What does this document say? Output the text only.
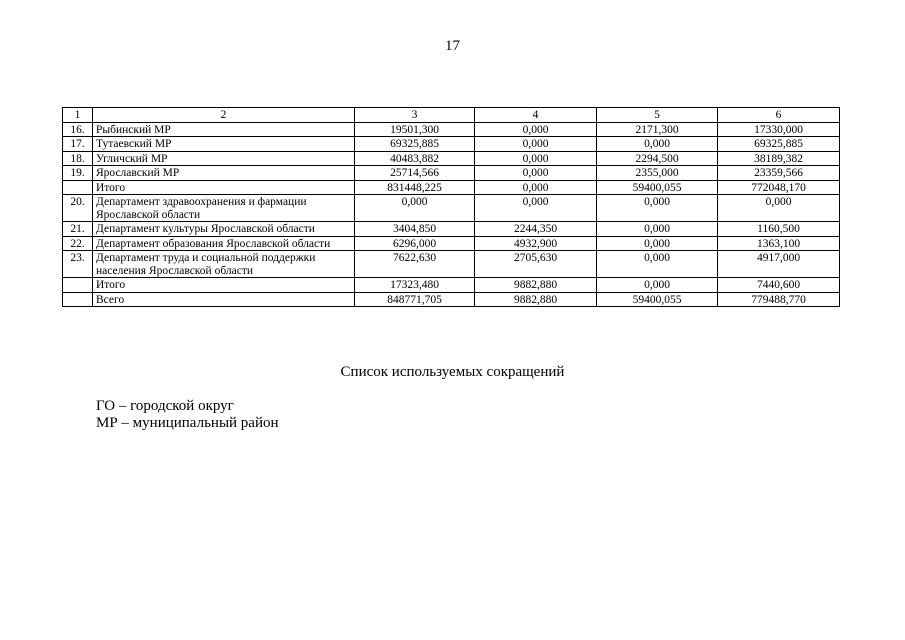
17
1	2	3	4	5	6
16.	Рыбинский МР	19501,300	0,000	2171,300	17330,000
17.	Тутаевский МР	69325,885	0,000	0,000	69325,885
18.	Угличский МР	40483,882	0,000	2294,500	38189,382
19.	Ярославский МР	25714,566	0,000	2355,000	23359,566
	Итого	831448,225	0,000	59400,055	772048,170
20.	Департамент здравоохранения и фармации Ярославской области	0,000	0,000	0,000	0,000
21.	Департамент культуры Ярославской области	3404,850	2244,350	0,000	1160,500
22.	Департамент образования Ярославской области	6296,000	4932,900	0,000	1363,100
23.	Департамент труда и социальной поддержки населения Ярославской области	7622,630	2705,630	0,000	4917,000
	Итого	17323,480	9882,880	0,000	7440,600
	Всего	848771,705	9882,880	59400,055	779488,770
Список используемых сокращений
ГО – городской округ
МР – муниципальный район
